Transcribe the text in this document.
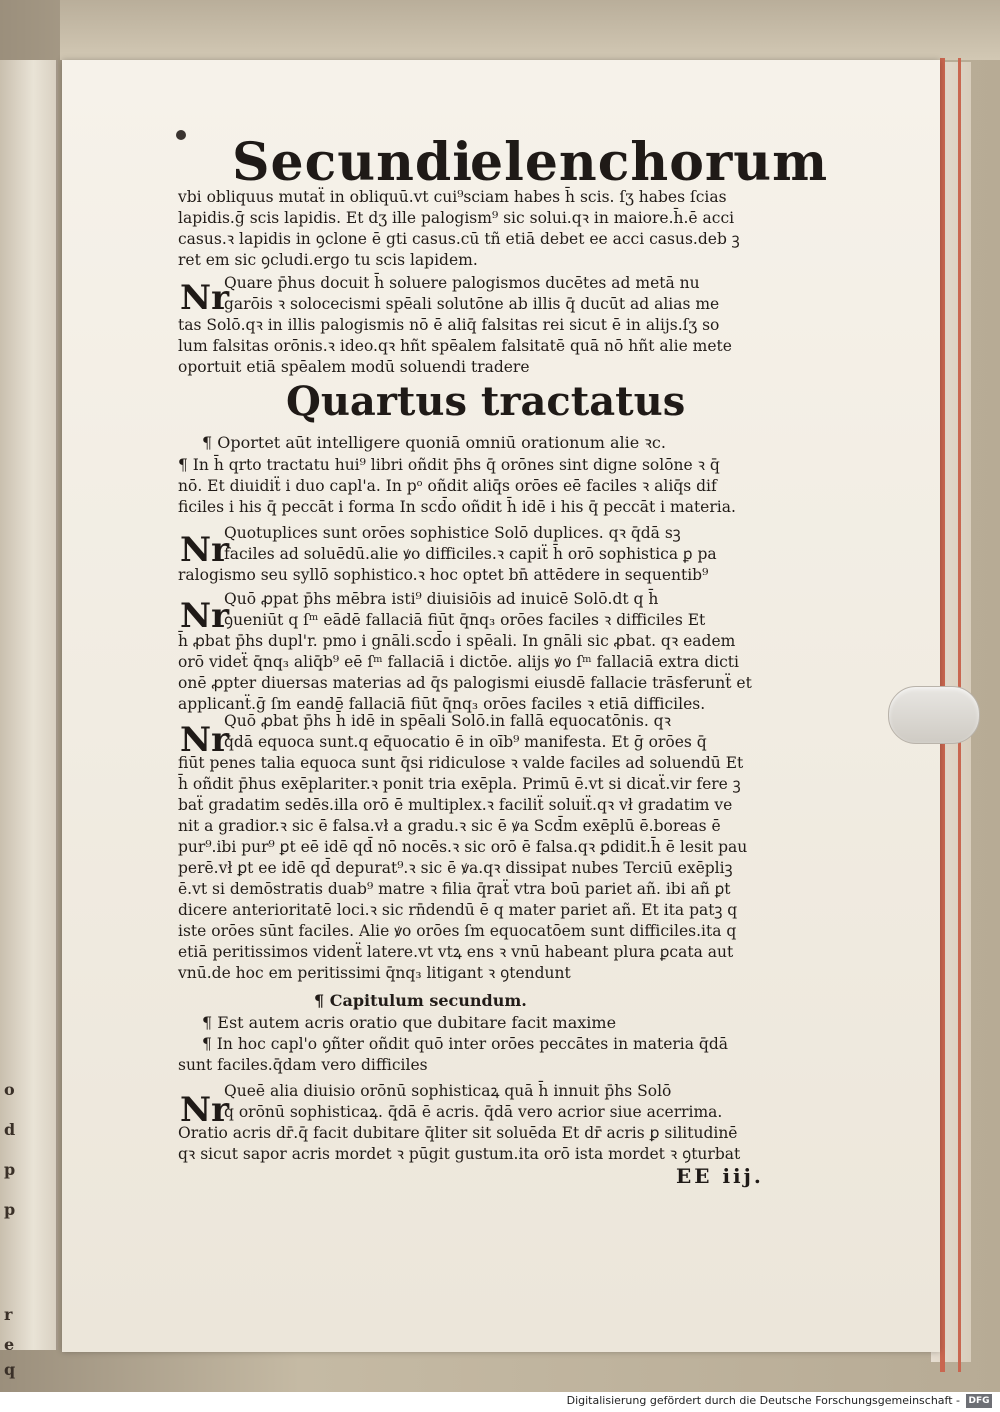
r
e
q
o
d
p
p
Secundi
elenchorum
vbi obliquus mutaẗ in obliquū.vt cui⁹sciam habes h̄ scis. ſʒ habes ſcias
lapidis.ḡ scis lapidis. Et dʒ ille palogism⁹ sic solui.qꝛ in maiore.h̄.ē acci
casus.ꝛ lapidis in ꝯclone ē gti casus.cū tñ etiā debet ee acci casus.deb ꝫ
ret em sic ꝯcludi.ergo tu scis lapidem.
Nr
Quare p̄hus docuit h̄ soluere palogismos ducētes ad metā nu
garōis ꝛ solocecismi spēali solutōne ab illis q̄ ducūt ad alias me
tas Solō.qꝛ in illis palogismis nō ē aliq̄ falsitas rei sicut ē in alijs.ſʒ so
lum falsitas orōnis.ꝛ ideo.qꝛ hñt spēalem falsitatē quā nō hñt alie mete
oportuit etiā spēalem modū soluendi tradere
Quartus tractatus
¶ Oportet aūt intelligere quoniā omniū orationum alie ꝛc.
¶ In h̄ qrto tractatu hui⁹ libri oñdit p̄hs q̄ orōnes sint digne solōne ꝛ q̄
nō. Et diuidiẗ i duo capl'a. In pᵒ oñdit aliq̄s orōes eē faciles ꝛ aliq̄s dif
ficiles i his q̄ peccāt i forma In scd̄o oñdit h̄ idē i his q̄ peccāt i materia.
Nr
Quotuplices sunt orōes sophistice Solō duplices. qꝛ q̄dā sꝫ
faciles ad soluēdū.alie ꝟo difficiles.ꝛ capiẗ h̄ orō sophistica ꝑ pa
ralogismo seu syllō sophistico.ꝛ hoc optet bn̄ attēdere in sequentib⁹
Nr
Quō ꝓpat p̄hs mēbra isti⁹ diuisiōis ad inuicē Solō.dt q h̄
ꝯueniūt q ſᵐ eādē fallaciā fiūt q̄nq₃ orōes faciles ꝛ difficiles Et
h̄ ꝓbat p̄hs dupl'r. pmo i gnāli.scd̄o i spēali. In gnāli sic ꝓbat. qꝛ eadem
orō videẗ q̄nq₃ aliq̄b⁹ eē ſᵐ fallaciā i dictōe. alijs ꝟo ſᵐ fallaciā extra dicti
onē ꝓpter diuersas materias ad q̄s palogismi eiusdē fallacie trāsferunẗ et
applicanẗ.ḡ ſm eandē fallaciā fiūt q̄nq₃ orōes faciles ꝛ etiā difficiles.
Nr
Quō ꝓbat p̄hs h̄ idē in spēali Solō.in fallā equocatōnis. qꝛ
q̄dā equoca sunt.q eq̄uocatio ē in oīb⁹ manifesta. Et ḡ orōes q̄
fiūt penes talia equoca sunt q̄si ridiculose ꝛ valde faciles ad soluendū Et
h̄ oñdit p̄hus exēplariter.ꝛ ponit tria exēpla. Primū ē.vt si dicaẗ.vir fere ꝫ
baẗ gradatim sedēs.illa orō ē multiplex.ꝛ faciliẗ soluiẗ.qꝛ vł gradatim ve
nit a gradior.ꝛ sic ē falsa.vł a gradu.ꝛ sic ē ꝟa Scd̄m exēplū ē.boreas ē
pur⁹.ibi pur⁹ ꝑt eē idē qd̄ nō nocēs.ꝛ sic orō ē falsa.qꝛ ꝑdidit.h̄ ē lesit pau
perē.vł ꝑt ee idē qd̄ depurat⁹.ꝛ sic ē ꝟa.qꝛ dissipat nubes Terciū exēpliꝫ
ē.vt si demōstratis duab⁹ matre ꝛ filia q̄raẗ vtra boū pariet añ. ibi añ ꝑt
dicere anterioritatē loci.ꝛ sic rn̄dendū ē q mater pariet añ. Et ita patꝫ q
iste orōes sūnt faciles. Alie ꝟo orōes ſm equocatōem sunt difficiles.ita q
etiā peritissimos videnẗ latere.vt vtꝝ ens ꝛ vnū habeant plura ꝑcata aut
vnū.de hoc em peritissimi q̄nq₃ litigant ꝛ ꝯtendunt
¶ Capitulum secundum.
¶ Est autem acris oratio que dubitare facit maxime
¶ In hoc capl'o ꝯñter oñdit quō inter orōes peccātes in materia q̄dā
sunt faciles.q̄dam vero difficiles
Nr
Queē alia diuisio orōnū sophisticaꝝ quā h̄ innuit p̄hs Solō
q orōnū sophisticaꝝ. q̄dā ē acris. q̄dā vero acrior siue acerrima.
Oratio acris dr̄.q̄ facit dubitare q̄liter sit soluēda Et dr̄ acris ꝑ silitudinē
qꝛ sicut sapor acris mordet ꝛ pūgit gustum.ita orō ista mordet ꝛ ꝯturbat
EE iij.
Digitalisierung gefördert durch die Deutsche Forschungsgemeinschaft - DFG
